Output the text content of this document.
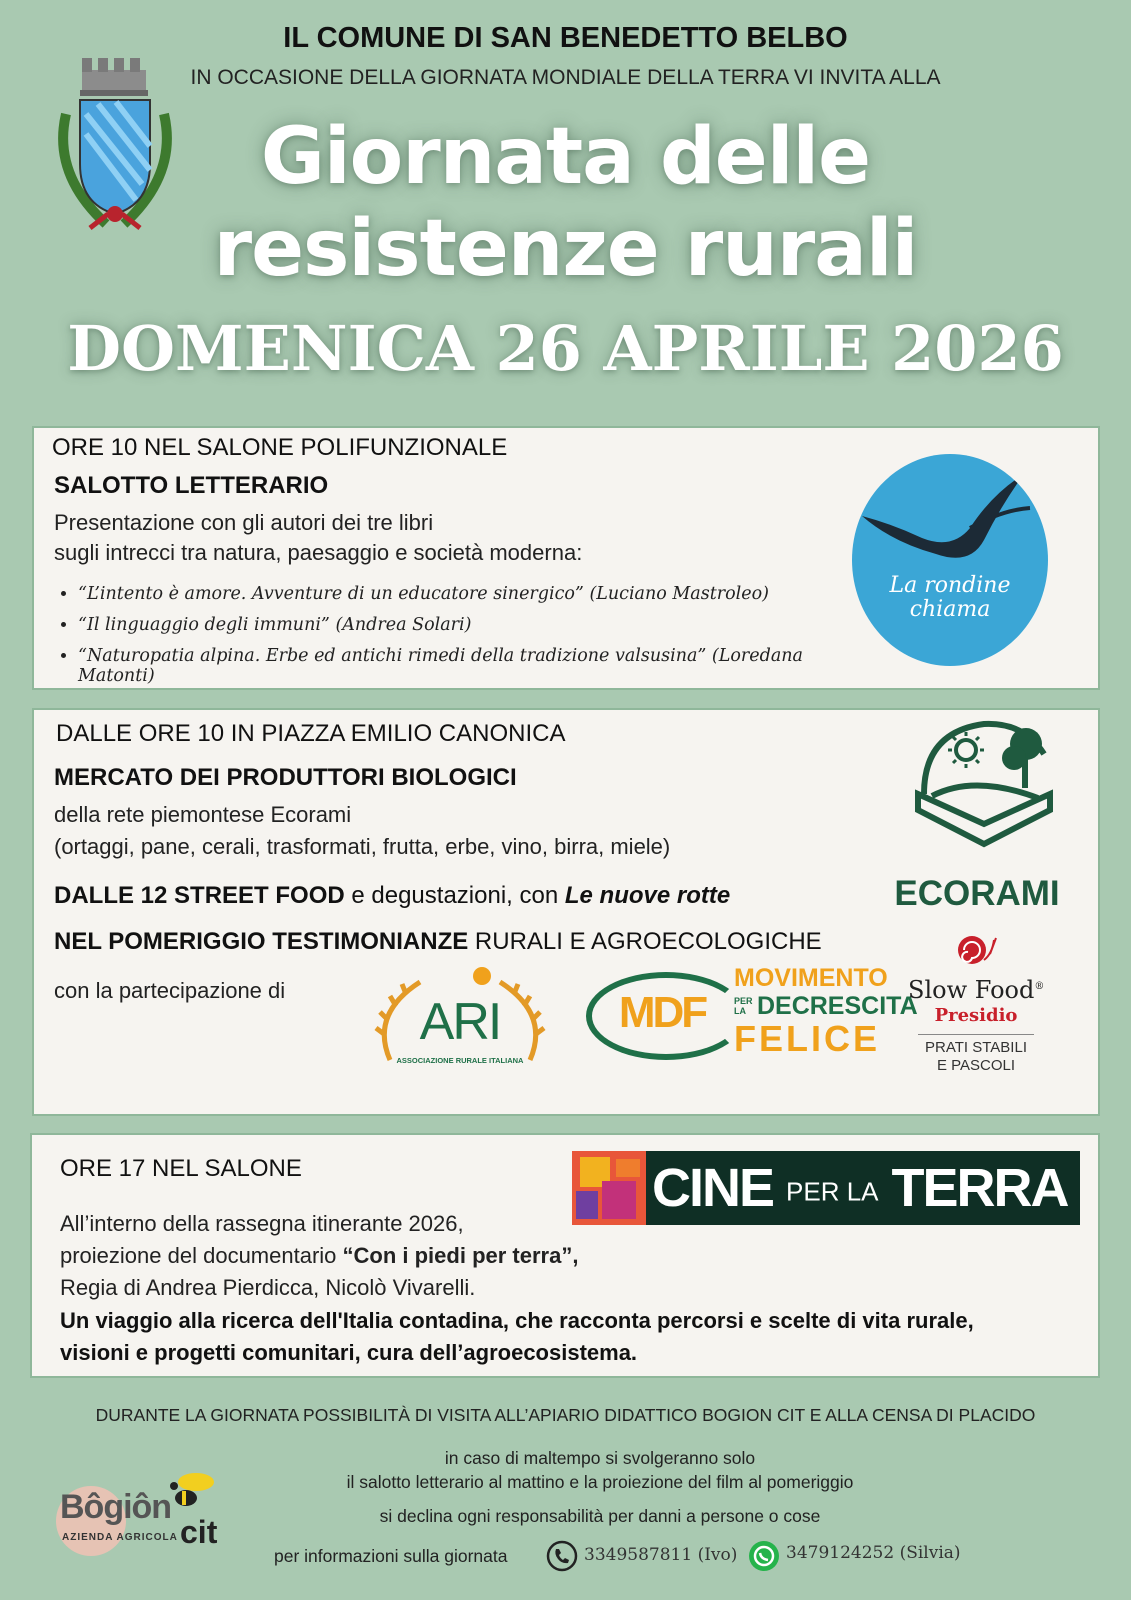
IL COMUNE DI SAN BENEDETTO BELBO
IN OCCASIONE DELLA GIORNATA MONDIALE DELLA TERRA VI INVITA ALLA
Giornata delle
resistenze rurali
DOMENICA 26 APRILE 2026
ORE 10 NEL SALONE POLIFUNZIONALE
SALOTTO LETTERARIO
Presentazione con gli autori dei tre libri
sugli intrecci tra natura, paesaggio e società moderna:
• “L’intento è amore. Avventure di un educatore sinergico” (Luciano Mastroleo)
• “Il linguaggio degli immuni” (Andrea Solari)
• “Naturopatia alpina. Erbe ed antichi rimedi della tradizione valsusina” (Loredana Matonti)
La rondine
chiama
DALLE ORE 10 IN PIAZZA EMILIO CANONICA
MERCATO DEI PRODUTTORI BIOLOGICI
della rete piemontese Ecorami
(ortaggi, pane, cerali, trasformati, frutta, erbe, vino, birra, miele)
DALLE 12 STREET FOOD e degustazioni, con Le nuove rotte
NEL POMERIGGIO TESTIMONIANZE RURALI E AGROECOLOGICHE
con la partecipazione di
ECORAMI
ARI
ASSOCIAZIONE RURALE ITALIANA
MDF
MOVIMENTO
PER
LA DECRESCITA
FELICE
Slow Food®
Presidio
PRATI STABILI
E PASCOLI
ORE 17 NEL SALONE	CINE PER LA TERRA
All’interno della rassegna itinerante 2026,
proiezione del documentario “Con i piedi per terra”,
Regia di Andrea Pierdicca, Nicolò Vivarelli.
Un viaggio alla ricerca dell'Italia contadina, che racconta percorsi e scelte di vita rurale,
visioni e progetti comunitari, cura dell’agroecosistema.
DURANTE LA GIORNATA POSSIBILITÀ DI VISITA ALL’APIARIO DIDATTICO BOGION CIT E ALLA CENSA DI PLACIDO
in caso di maltempo si svolgeranno solo
il salotto letterario al mattino e la proiezione del film al pomeriggio
si declina ogni responsabilità per danni a persone o cose
Bôgiôn
cit
AZIENDA AGRICOLA
per informazioni sulla giornata	3349587811 (Ivo)	3479124252 (Silvia)
